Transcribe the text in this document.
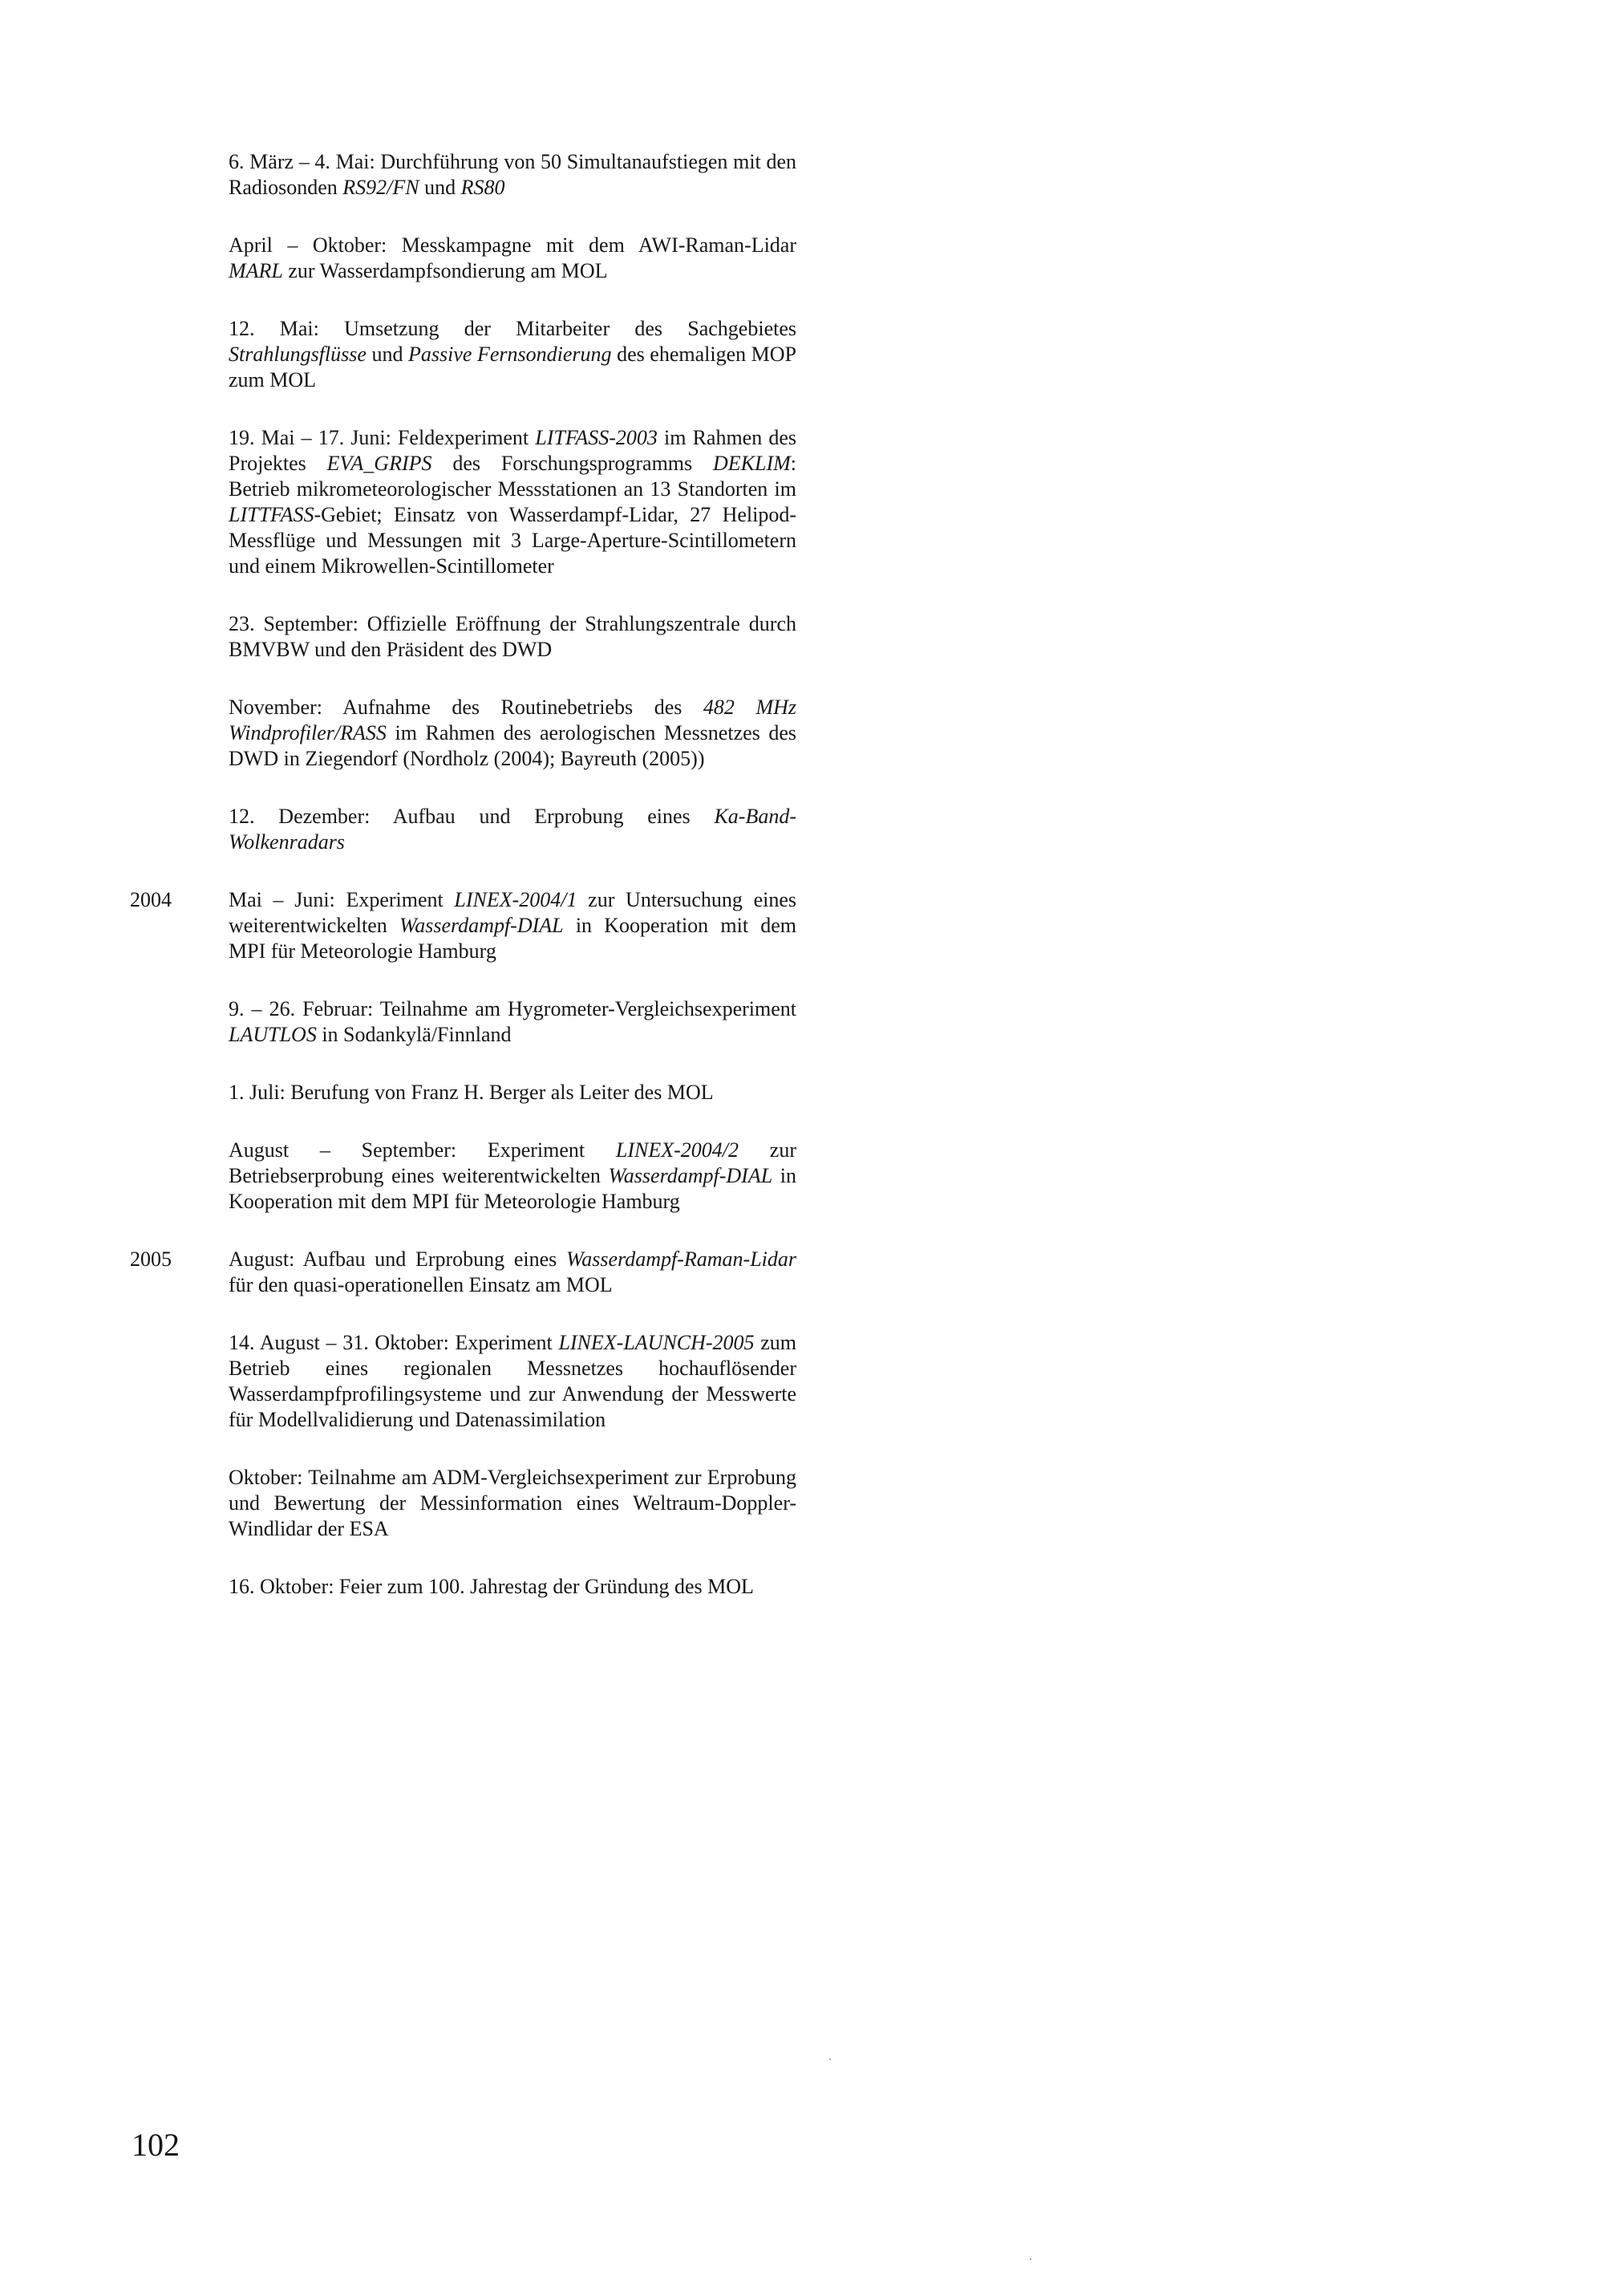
6. März – 4. Mai: Durchführung von 50 Simultanaufstiegen mit den Radiosonden RS92/FN und RS80
April – Oktober: Messkampagne mit dem AWI-Raman-Lidar MARL zur Wasserdampfsondierung am MOL
12. Mai: Umsetzung der Mitarbeiter des Sachgebietes Strahlungsflüsse und Passive Fernsondierung des ehemaligen MOP zum MOL
19. Mai – 17. Juni: Feldexperiment LITFASS-2003 im Rahmen des Projektes EVA_GRIPS des Forschungsprogramms DEKLIM: Betrieb mikrometeorologischer Messstationen an 13 Standorten im LITTFASS-Gebiet; Einsatz von Wasserdampf-Lidar, 27 Helipod-Messflüge und Messungen mit 3 Large-Aperture-Scintillometern und einem Mikrowellen-Scintillometer
23. September: Offizielle Eröffnung der Strahlungszentrale durch BMVBW und den Präsident des DWD
November: Aufnahme des Routinebetriebs des 482 MHz Windprofiler/RASS im Rahmen des aerologischen Messnetzes des DWD in Ziegendorf (Nordholz (2004); Bayreuth (2005))
12. Dezember: Aufbau und Erprobung eines Ka-Band-Wolkenradars
2004	Mai – Juni: Experiment LINEX-2004/1 zur Untersuchung eines weiterentwickelten Wasserdampf-DIAL in Kooperation mit dem MPI für Meteorologie Hamburg
9. – 26. Februar: Teilnahme am Hygrometer-Vergleichsexperiment LAUTLOS in Sodankylä/Finnland
1. Juli: Berufung von Franz H. Berger als Leiter des MOL
August – September: Experiment LINEX-2004/2 zur Betriebserprobung eines weiterentwickelten Wasserdampf-DIAL in Kooperation mit dem MPI für Meteorologie Hamburg
2005	August: Aufbau und Erprobung eines Wasserdampf-Raman-Lidar für den quasi-operationellen Einsatz am MOL
14. August – 31. Oktober: Experiment LINEX-LAUNCH-2005 zum Betrieb eines regionalen Messnetzes hochauflösender Wasserdampfprofilingsysteme und zur Anwendung der Messwerte für Modellvalidierung und Datenassimilation
Oktober: Teilnahme am ADM-Vergleichsexperiment zur Erprobung und Bewertung der Messinformation eines Weltraum-Doppler-Windlidar der ESA
16. Oktober: Feier zum 100. Jahrestag der Gründung des MOL
102
